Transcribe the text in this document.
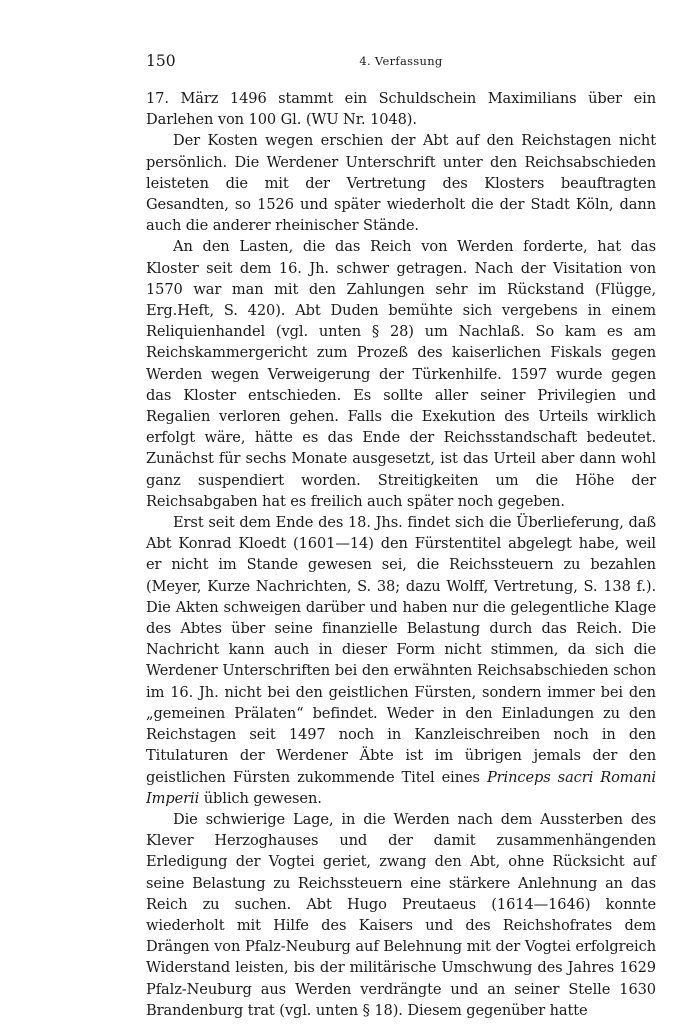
150	4. Verfassung

17. März 1496 stammt ein Schuldschein Maximilians über ein Darlehen von 100 Gl. (WU Nr. 1048).

Der Kosten wegen erschien der Abt auf den Reichstagen nicht persönlich. Die Werdener Unterschrift unter den Reichsabschieden leisteten die mit der Vertretung des Klosters beauftragten Gesandten, so 1526 und später wiederholt die der Stadt Köln, dann auch die anderer rheinischer Stände.

An den Lasten, die das Reich von Werden forderte, hat das Kloster seit dem 16. Jh. schwer getragen. Nach der Visitation von 1570 war man mit den Zahlungen sehr im Rückstand (Flügge, Erg.Heft, S. 420). Abt Duden bemühte sich vergebens in einem Reliquienhandel (vgl. unten § 28) um Nachlaß. So kam es am Reichskammergericht zum Prozeß des kaiserlichen Fiskals gegen Werden wegen Verweigerung der Türkenhilfe. 1597 wurde gegen das Kloster entschieden. Es sollte aller seiner Privilegien und Regalien verloren gehen. Falls die Exekution des Urteils wirklich erfolgt wäre, hätte es das Ende der Reichsstandschaft bedeutet. Zunächst für sechs Monate ausgesetzt, ist das Urteil aber dann wohl ganz suspendiert worden. Streitigkeiten um die Höhe der Reichsabgaben hat es freilich auch später noch gegeben.

Erst seit dem Ende des 18. Jhs. findet sich die Überlieferung, daß Abt Konrad Kloedt (1601—14) den Fürstentitel abgelegt habe, weil er nicht im Stande gewesen sei, die Reichssteuern zu bezahlen (Meyer, Kurze Nachrichten, S. 38; dazu Wolff, Vertretung, S. 138 f.). Die Akten schweigen darüber und haben nur die gelegentliche Klage des Abtes über seine finanzielle Belastung durch das Reich. Die Nachricht kann auch in dieser Form nicht stimmen, da sich die Werdener Unterschriften bei den erwähnten Reichsabschieden schon im 16. Jh. nicht bei den geistlichen Fürsten, sondern immer bei den „gemeinen Prälaten“ befindet. Weder in den Einladungen zu den Reichstagen seit 1497 noch in Kanzleischreiben noch in den Titulaturen der Werdener Äbte ist im übrigen jemals der den geistlichen Fürsten zukommende Titel eines Princeps sacri Romani Imperii üblich gewesen.

Die schwierige Lage, in die Werden nach dem Aussterben des Klever Herzoghauses und der damit zusammenhängenden Erledigung der Vogtei geriet, zwang den Abt, ohne Rücksicht auf seine Belastung zu Reichssteuern eine stärkere Anlehnung an das Reich zu suchen. Abt Hugo Preutaeus (1614—1646) konnte wiederholt mit Hilfe des Kaisers und des Reichshofrates dem Drängen von Pfalz-Neuburg auf Belehnung mit der Vogtei erfolgreich Widerstand leisten, bis der militärische Umschwung des Jahres 1629 Pfalz-Neuburg aus Werden verdrängte und an seiner Stelle 1630 Brandenburg trat (vgl. unten § 18). Diesem gegenüber hatte
